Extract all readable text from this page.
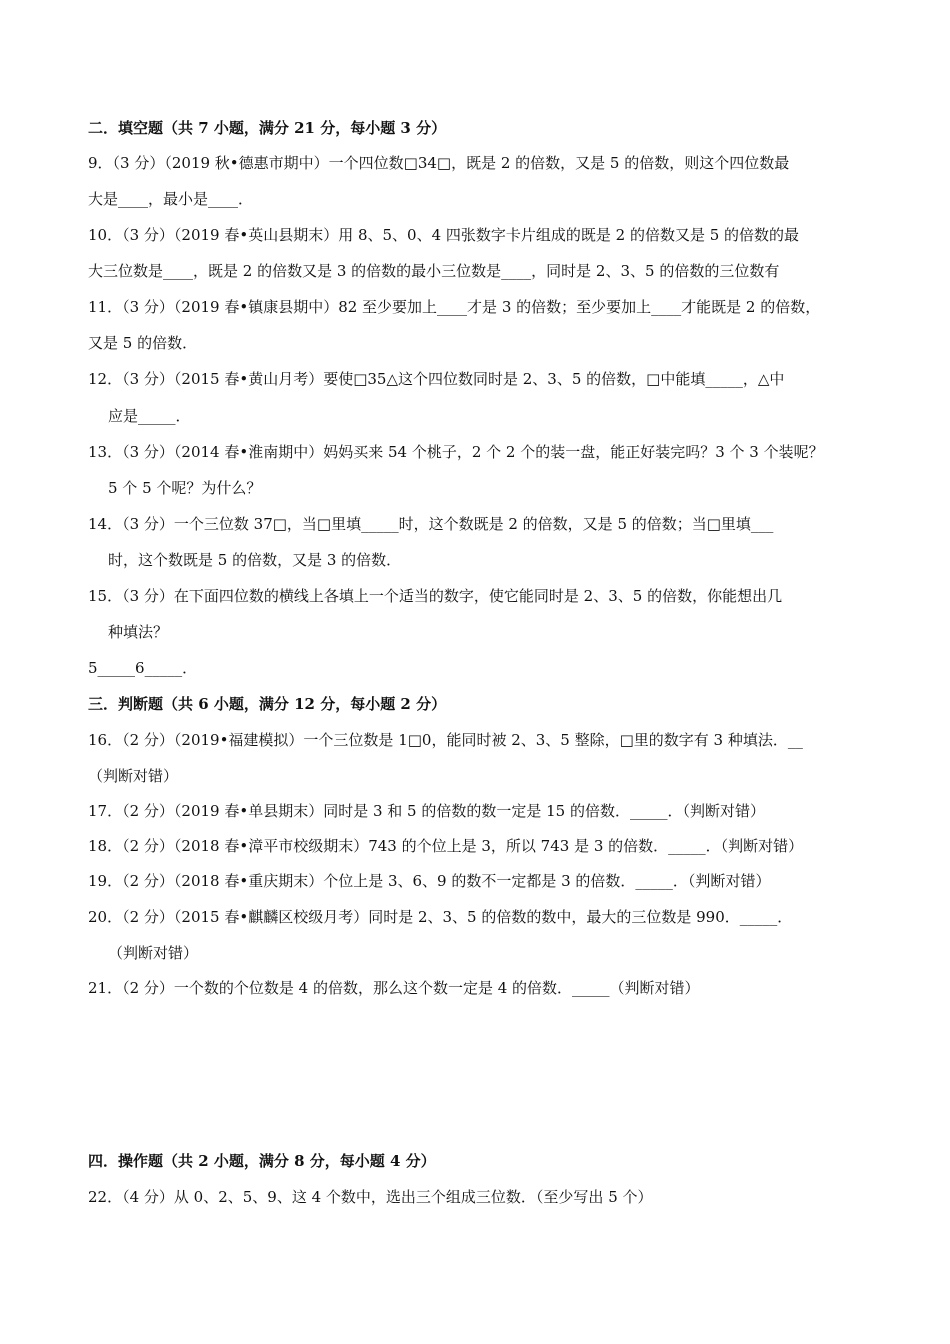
二．填空题（共 7 小题，满分 21 分，每小题 3 分）
9．（3 分）（2019 秋•德惠市期中）一个四位数□34□，既是 2 的倍数，又是 5 的倍数，则这个四位数最
大是____，最小是____．
10．（3 分）（2019 春•英山县期末）用 8、5、0、4 四张数字卡片组成的既是 2 的倍数又是 5 的倍数的最
大三位数是____，既是 2 的倍数又是 3 的倍数的最小三位数是____，同时是 2、3、5 的倍数的三位数有
11．（3 分）（2019 春•镇康县期中）82 至少要加上____才是 3 的倍数；至少要加上____才能既是 2 的倍数，
又是 5 的倍数．
12．（3 分）（2015 春•黄山月考）要使□35△这个四位数同时是 2、3、5 的倍数，□中能填_____，△中
应是_____．
13．（3 分）（2014 春•淮南期中）妈妈买来 54 个桃子，2 个 2 个的装一盘，能正好装完吗？3 个 3 个装呢？
5 个 5 个呢？为什么？
14．（3 分）一个三位数 37□，当□里填_____时，这个数既是 2 的倍数，又是 5 的倍数；当□里填___
时，这个数既是 5 的倍数，又是 3 的倍数．
15．（3 分）在下面四位数的横线上各填上一个适当的数字，使它能同时是 2、3、5 的倍数，你能想出几
种填法？
5_____6_____．
三．判断题（共 6 小题，满分 12 分，每小题 2 分）
16．（2 分）（2019•福建模拟）一个三位数是 1□0，能同时被 2、3、5 整除，□里的数字有 3 种填法．__
（判断对错）
17．（2 分）（2019 春•单县期末）同时是 3 和 5 的倍数的数一定是 15 的倍数．_____．（判断对错）
18．（2 分）（2018 春•漳平市校级期末）743 的个位上是 3，所以 743 是 3 的倍数．_____．（判断对错）
19．（2 分）（2018 春•重庆期末）个位上是 3、6、9 的数不一定都是 3 的倍数．_____．（判断对错）
20．（2 分）（2015 春•麒麟区校级月考）同时是 2、3、5 的倍数的数中，最大的三位数是 990．_____．
（判断对错）
21．（2 分）一个数的个位数是 4 的倍数，那么这个数一定是 4 的倍数．_____（判断对错）
四．操作题（共 2 小题，满分 8 分，每小题 4 分）
22．（4 分）从 0、2、5、9、这 4 个数中，选出三个组成三位数．（至少写出 5 个）
